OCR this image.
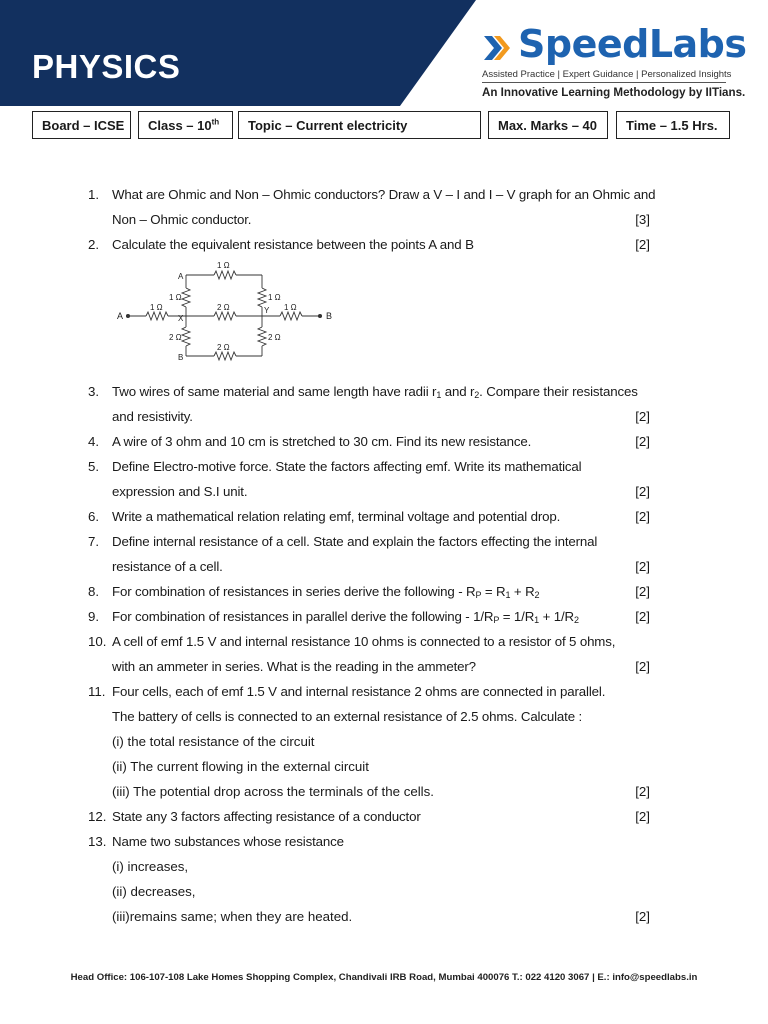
PHYSICS
SpeedLabs
Assisted Practice | Expert Guidance | Personalized Insights
An Innovative Learning Methodology by IITians.
Board – ICSE	Class – 10th	Topic – Current electricity	Max. Marks – 40	Time – 1.5 Hrs.
1. What are Ohmic and Non – Ohmic conductors? Draw a V – I and I – V graph for an Ohmic and
Non – Ohmic conductor.	[3]
2. Calculate the equivalent resistance between the points A and B	[2]
A	B
X
Y
A
B
1 Ω
1 Ω	2 Ω	1 Ω
1 Ω	1 Ω
2 Ω	2 Ω
2 Ω
3. Two wires of same material and same length have radii $r_1$ and $r_2$. Compare their resistances
and resistivity.	[2]
4. A wire of 3 ohm and 10 cm is stretched to 30 cm. Find its new resistance.	[2]
5. Define Electro-motive force. State the factors affecting emf. Write its mathematical
expression and S.I unit.	[2]
6. Write a mathematical relation relating emf, terminal voltage and potential drop.	[2]
7. Define internal resistance of a cell. State and explain the factors effecting the internal
resistance of a cell.	[2]
8. For combination of resistances in series derive the following - $R_P = R_1 + R_2$	[2]
9. For combination of resistances in parallel derive the following - $1/R_P = 1/R_1 + 1/R_2$	[2]
10. A cell of emf 1.5 V and internal resistance 10 ohms is connected to a resistor of 5 ohms,
with an ammeter in series. What is the reading in the ammeter?	[2]
11. Four cells, each of emf 1.5 V and internal resistance 2 ohms are connected in parallel.
The battery of cells is connected to an external resistance of 2.5 ohms. Calculate :
(i) the total resistance of the circuit
(ii) The current flowing in the external circuit
(iii) The potential drop across the terminals of the cells.	[2]
12. State any 3 factors affecting resistance of a conductor	[2]
13. Name two substances whose resistance
(i) increases,
(ii) decreases,
(iii)remains same; when they are heated.	[2]
Head Office: 106-107-108 Lake Homes Shopping Complex, Chandivali IRB Road, Mumbai 400076 T.: 022 4120 3067 | E.: info@speedlabs.in
